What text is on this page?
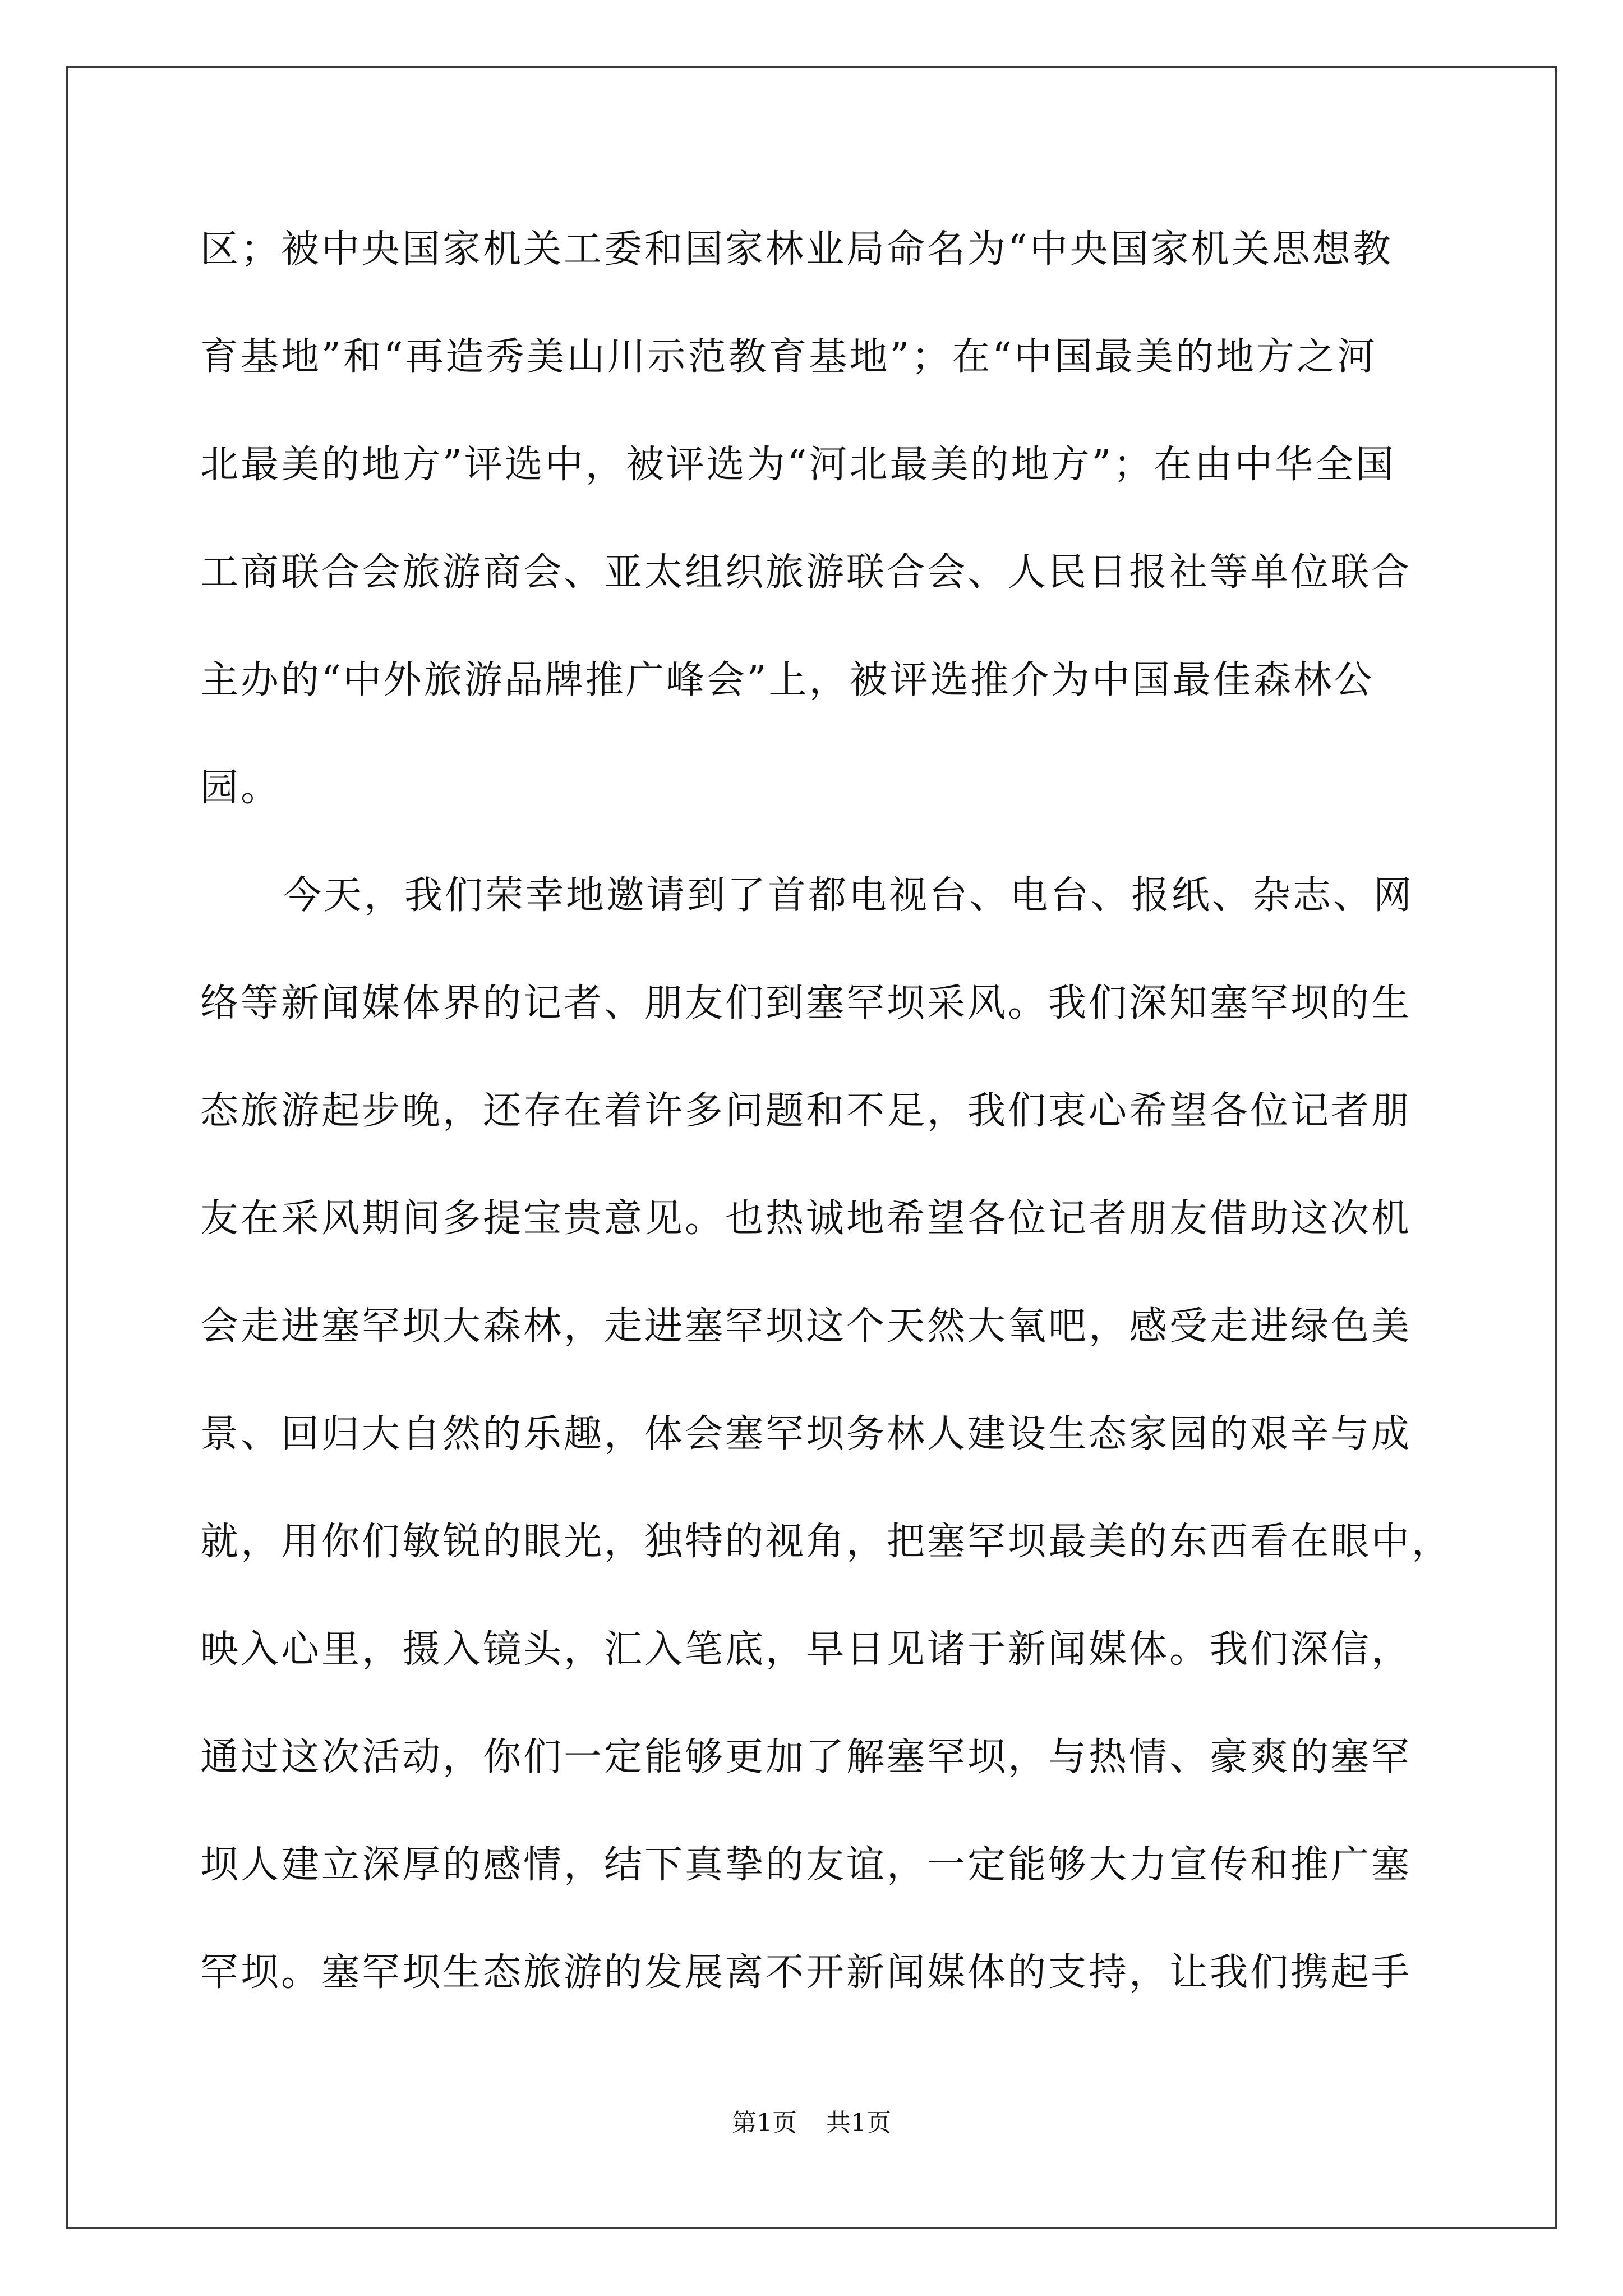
区；被中央国家机关工委和国家林业局命名为“中央国家机关思想教
育基地”和“再造秀美山川示范教育基地”；在“中国最美的地方之河
北最美的地方”评选中，被评选为“河北最美的地方”；在由中华全国
工商联合会旅游商会、亚太组织旅游联合会、人民日报社等单位联合
主办的“中外旅游品牌推广峰会”上，被评选推介为中国最佳森林公
园。
今天，我们荣幸地邀请到了首都电视台、电台、报纸、杂志、网
络等新闻媒体界的记者、朋友们到塞罕坝采风。我们深知塞罕坝的生
态旅游起步晚，还存在着许多问题和不足，我们衷心希望各位记者朋
友在采风期间多提宝贵意见。也热诚地希望各位记者朋友借助这次机
会走进塞罕坝大森林，走进塞罕坝这个天然大氧吧，感受走进绿色美
景、回归大自然的乐趣，体会塞罕坝务林人建设生态家园的艰辛与成
就，用你们敏锐的眼光，独特的视角，把塞罕坝最美的东西看在眼中，
映入心里，摄入镜头，汇入笔底，早日见诸于新闻媒体。我们深信，
通过这次活动，你们一定能够更加了解塞罕坝，与热情、豪爽的塞罕
坝人建立深厚的感情，结下真挚的友谊，一定能够大力宣传和推广塞
罕坝。塞罕坝生态旅游的发展离不开新闻媒体的支持，让我们携起手
第1页 共1页
